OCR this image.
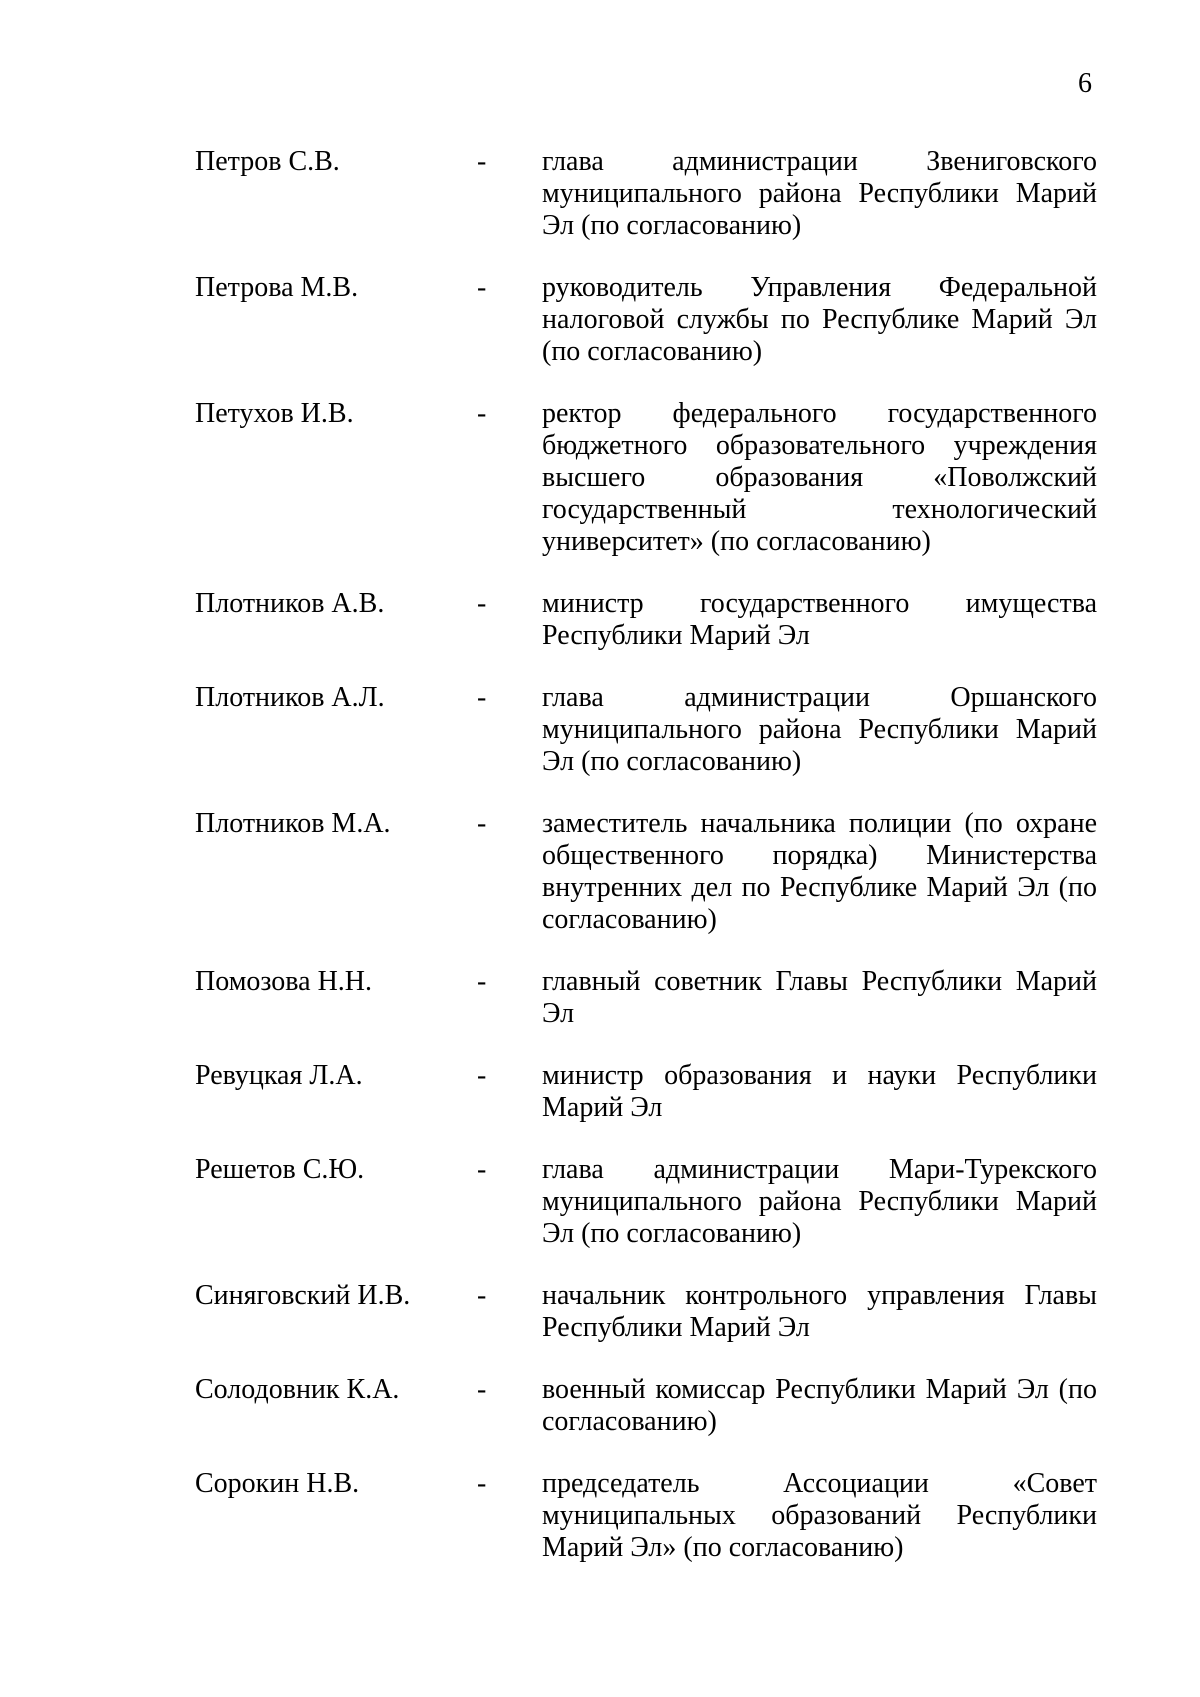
6
Петров С.В.	-	глава администрации Звениговского муниципального района Республики Марий Эл (по согласованию)
Петрова М.В.	-	руководитель Управления Федеральной налоговой службы по Республике Марий Эл (по согласованию)
Петухов И.В.	-	ректор федерального государственного бюджетного образовательного учреждения высшего образования «Поволжский государственный технологический университет» (по согласованию)
Плотников А.В.	-	министр государственного имущества Республики Марий Эл
Плотников А.Л.	-	глава администрации Оршанского муниципального района Республики Марий Эл (по согласованию)
Плотников М.А.	-	заместитель начальника полиции (по охране общественного порядка) Министерства внутренних дел по Республике Марий Эл (по согласованию)
Помозова Н.Н.	-	главный советник Главы Республики Марий Эл
Ревуцкая Л.А.	-	министр образования и науки Республики Марий Эл
Решетов С.Ю.	-	глава администрации Мари-Турекского муниципального района Республики Марий Эл (по согласованию)
Синяговский И.В.	-	начальник контрольного управления Главы Республики Марий Эл
Солодовник К.А.	-	военный комиссар Республики Марий Эл (по согласованию)
Сорокин Н.В.	-	председатель Ассоциации «Совет муниципальных образований Республики Марий Эл» (по согласованию)
